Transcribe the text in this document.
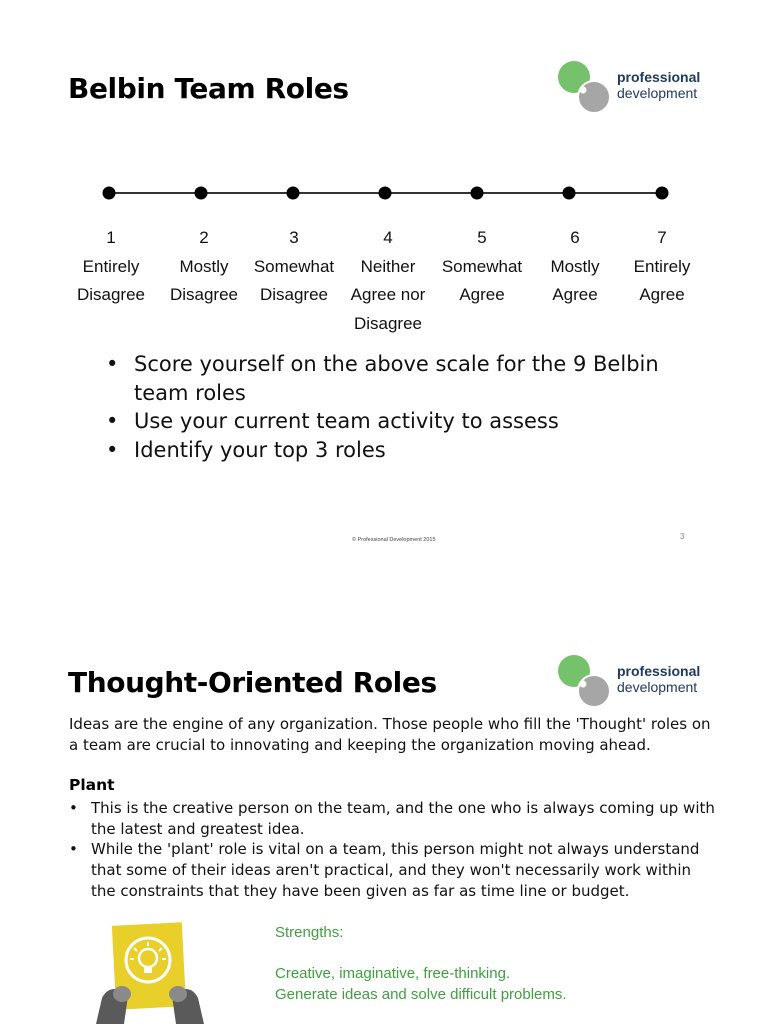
Belbin Team Roles	professional
development
1
Entirely
Disagree
2
Mostly
Disagree
3
Somewhat
Disagree
4
Neither
Agree nor
Disagree
5
Somewhat
Agree
6
Mostly
Agree
7
Entirely
Agree
• Score yourself on the above scale for the 9 Belbin team roles
• Use your current team activity to assess
• Identify your top 3 roles
© Professional Development 2015	3
Thought-Oriented Roles	professional
development

Ideas are the engine of any organization. Those people who fill the 'Thought' roles on a team are crucial to innovating and keeping the organization moving ahead.

Plant
• This is the creative person on the team, and the one who is always coming up with the latest and greatest idea.
• While the 'plant' role is vital on a team, this person might not always understand that some of their ideas aren't practical, and they won't necessarily work within the constraints that they have been given as far as time line or budget.
Strengths:
Creative, imaginative, free-thinking.
Generate ideas and solve difficult problems.
